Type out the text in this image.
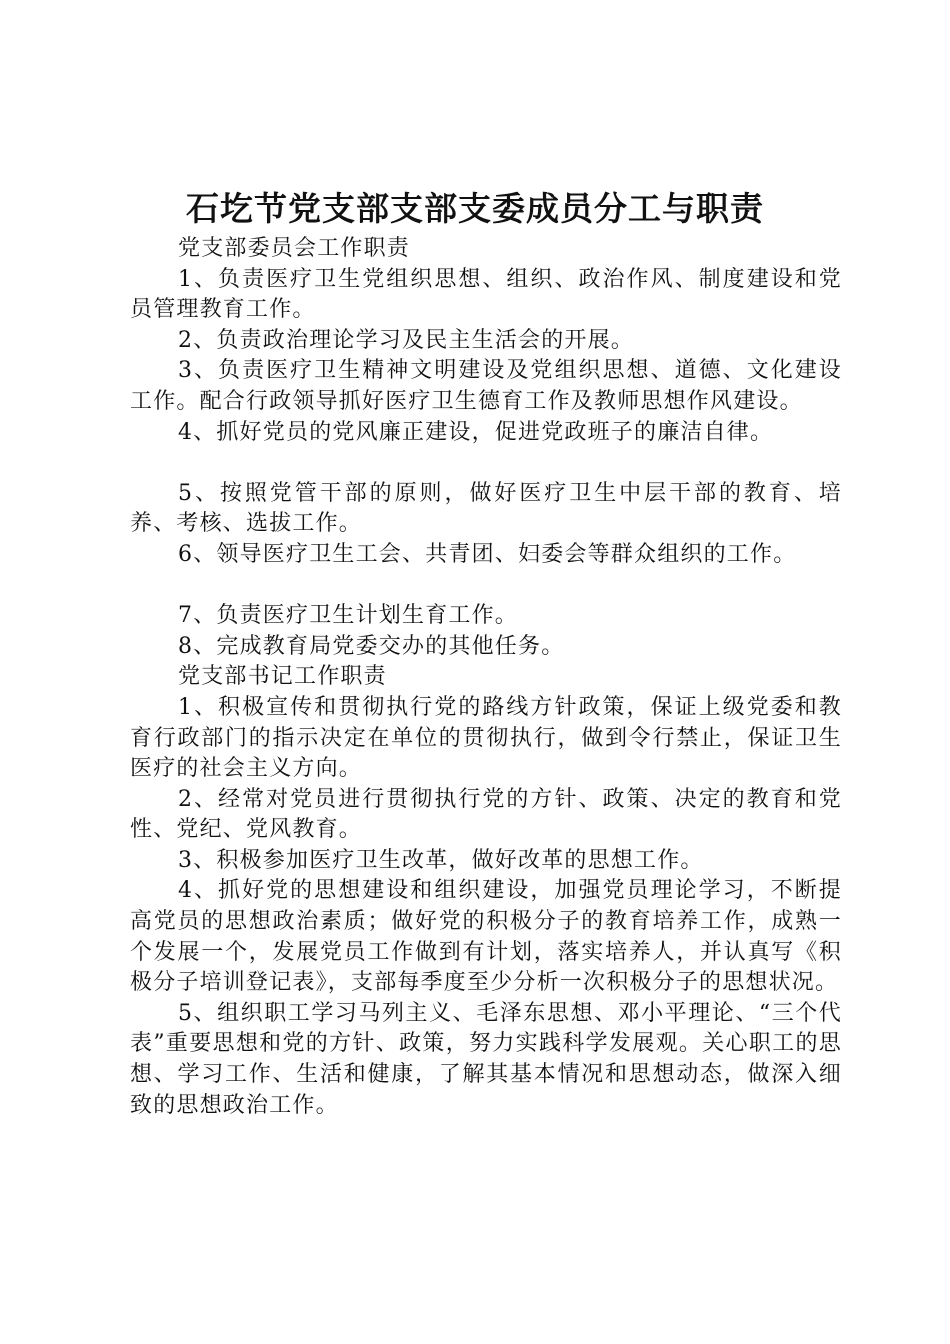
石圪节党支部支部支委成员分工与职责

党支部委员会工作职责

1、负责医疗卫生党组织思想、组织、政治作风、制度建设和党员管理教育工作。

2、负责政治理论学习及民主生活会的开展。

3、负责医疗卫生精神文明建设及党组织思想、道德、文化建设工作。配合行政领导抓好医疗卫生德育工作及教师思想作风建设。

4、抓好党员的党风廉正建设，促进党政班子的廉洁自律。

5、按照党管干部的原则，做好医疗卫生中层干部的教育、培养、考核、选拔工作。

6、领导医疗卫生工会、共青团、妇委会等群众组织的工作。

7、负责医疗卫生计划生育工作。

8、完成教育局党委交办的其他任务。

党支部书记工作职责

1、积极宣传和贯彻执行党的路线方针政策，保证上级党委和教育行政部门的指示决定在单位的贯彻执行，做到令行禁止，保证卫生医疗的社会主义方向。

2、经常对党员进行贯彻执行党的方针、政策、决定的教育和党性、党纪、党风教育。

3、积极参加医疗卫生改革，做好改革的思想工作。

4、抓好党的思想建设和组织建设，加强党员理论学习，不断提高党员的思想政治素质；做好党的积极分子的教育培养工作，成熟一个发展一个，发展党员工作做到有计划，落实培养人，并认真写《积极分子培训登记表》，支部每季度至少分析一次积极分子的思想状况。

5、组织职工学习马列主义、毛泽东思想、邓小平理论、“三个代表”重要思想和党的方针、政策，努力实践科学发展观。关心职工的思想、学习工作、生活和健康，了解其基本情况和思想动态，做深入细致的思想政治工作。
